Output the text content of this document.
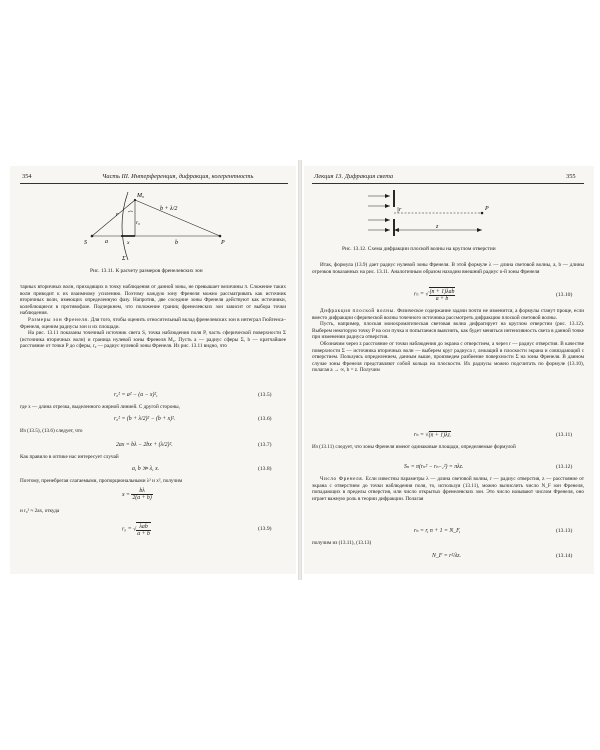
354	Часть III. Интерференция, дифракция, когерентность
M₀
r
b + λ/2
r₀
S	P
a	x	b
Σ
Рис. 13.11. К расчету размеров френелевских зон

тарных вторичных волн, приходящих в точку наблюдения от данной зоны, не превышает величины π. Сложение таких волн приводит к их взаимному усилению. Поэтому каждую зону Френеля можно рассматривать как источник вторичных волн, имеющих определенную фазу. Напротив, две соседние зоны Френеля действуют как источники, колеблющиеся в противофазе. Подчеркнем, что положение границ френелевских зон зависит от выбора точки наблюдения.

Размеры зон Френеля. Для того, чтобы оценить относительный вклад френелевских зон в интеграл Гюйгенса–Френеля, оценим радиусы зон и их площади.

На рис. 13.11 показаны точечный источник света S, точка наблюдения поля P, часть сферической поверхности Σ (источника вторичных волн) и граница нулевой зоны Френеля M₀. Пусть a — радиус сферы Σ, b — кратчайшее расстояние от точки P до сферы, r₀ — радиус нулевой зоны Френеля. Из рис. 13.11 видно, что

r₀² = a² − (a − x)²,	(13.5)

где x — длина отрезка, выделенного жирной линией. С другой стороны,

r₀² = (b + λ/2)² − (b + x)².	(13.6)

Из (13.5), (13.6) следует, что

2ax = bλ − 2bx + (λ/2)².	(13.7)

Как правило в оптике нас интересует случай

a, b ≫ λ, x.	(13.8)

Поэтому, пренебрегая слагаемыми, пропорциональными λ² и x², получим

$x = \frac{b\lambda}{2(a + b)}$

и r₀² ≈ 2ax, откуда

r₀ = √ $\frac{\text{λab}}{a + b}$	(13.9)
Лекция 13. Дифракция света	355
r	P
z
Рис. 13.12. Схема дифракции плоской волны на круглом отверстии

Итак, формула (13.9) дает радиус нулевой зоны Френеля. В этой формуле λ — длина световой волны, a, b — длины отрезков показанных на рис. 13.11. Аналогичным образом находим внешний радиус n-й зоны Френеля

rₙ = √ $\frac{\text{(n + 1)λab}}{a + b}$	(13.10)

Дифракция плоской волны. Физическое содержание задачи почти не изменится, а формулы станут проще, если вместо дифракции сферической волны точечного источника рассмотреть дифракцию плоской световой волны.

Пусть, например, плоская монохроматическая световая волна дифрагирует на круглом отверстии (рис. 13.12). Выберем некоторую точку P на оси пучка и попытаемся выяснить, как будет меняться интенсивность света в данной точке при изменении радиуса отверстия.

Обозначим через z расстояние от точки наблюдения до экрана с отверстием, а через r — радиус отверстия. В качестве поверхности Σ — источника вторичных волн — выберем круг радиуса r, лежащий в плоскости экрана и совпадающий с отверстием. Пользуясь определением, данным выше, произведем разбиение поверхности Σ на зоны Френеля. В данном случае зоны Френеля представляют собой кольца на плоскости. Их радиусы можно подсчитать по формуле (13.10), полагая a → ∞, b = z. Получим

rₙ = √(n + 1)λz.	(13.11)

Из (13.11) следует, что зоны Френеля имеют одинаковые площади, определяемые формулой

Sₙ = π(rₙ² − rₙ₋₁²) = πλz.	(13.12)

Число Френеля. Если известны параметры λ — длина световой волны, r — радиус отверстия, z — расстояние от экрана с отверстием до точки наблюдения поля, то, используя (13.11), можно вычислить число N_F зон Френеля, попадающих в пределы отверстия, или число открытых френелевских зон. Это число называют числом Френеля, оно играет важную роль в теории дифракции. Полагая

rₙ = r, n + 1 = N_F,	(13.13)

получим из (13.11), (13.13)

N_F = r²/λz.	(13.14)
